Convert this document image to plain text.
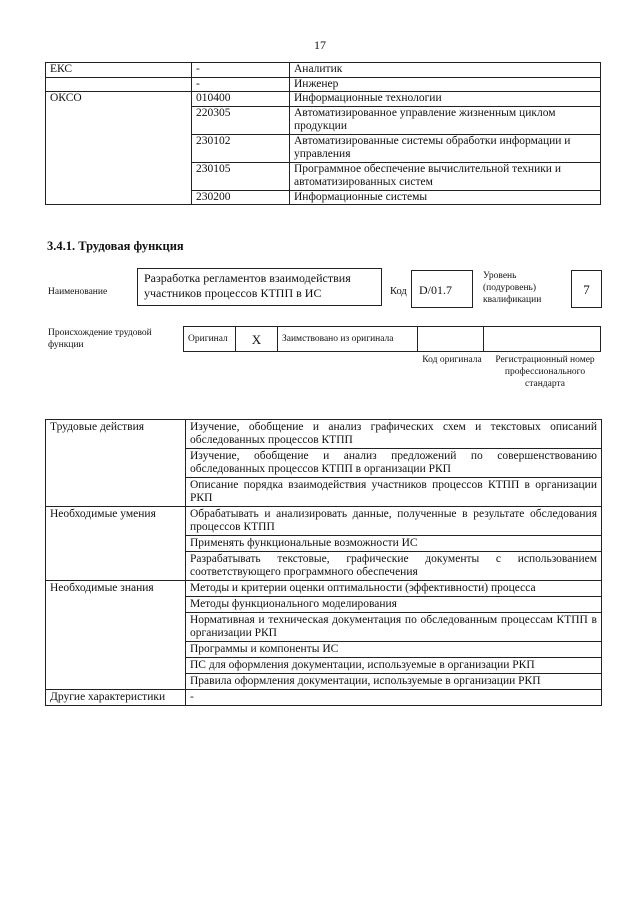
17
ЕКС	-	Аналитик
	-	Инженер
ОКСО	010400	Информационные технологии
	220305	Автоматизированное управление жизненным циклом продукции
	230102	Автоматизированные системы обработки информации и управления
	230105	Программное обеспечение вычислительной техники и автоматизированных систем
	230200	Информационные системы
3.4.1. Трудовая функция
Наименование
Разработка регламентов взаимодействия участников процессов КТПП в ИС	Код	D/01.7
Уровень (подуровень) квалификации
7
Происхождение трудовой функции
Оригинал	X	Заимствовано из оригинала		
Код оригинала	Регистрационный номер профессионального стандарта
Трудовые действия	Изучение, обобщение и анализ графических схем и текстовых описаний обследованных процессов КТПП
	Изучение, обобщение и анализ предложений по совершенствованию обследованных процессов КТПП в организации РКП
	Описание порядка взаимодействия участников процессов КТПП в организации РКП
Необходимые умения	Обрабатывать и анализировать данные, полученные в результате обследования процессов КТПП
	Применять функциональные возможности ИС
	Разрабатывать текстовые, графические документы с использованием соответствующего программного обеспечения
Необходимые знания	Методы и критерии оценки оптимальности (эффективности) процесса
	Методы функционального моделирования
	Нормативная и техническая документация по обследованным процессам КТПП в организации РКП
	Программы и компоненты ИС
	ПС для оформления документации, используемые в организации РКП
	Правила оформления документации, используемые в организации РКП
Другие характеристики	-
